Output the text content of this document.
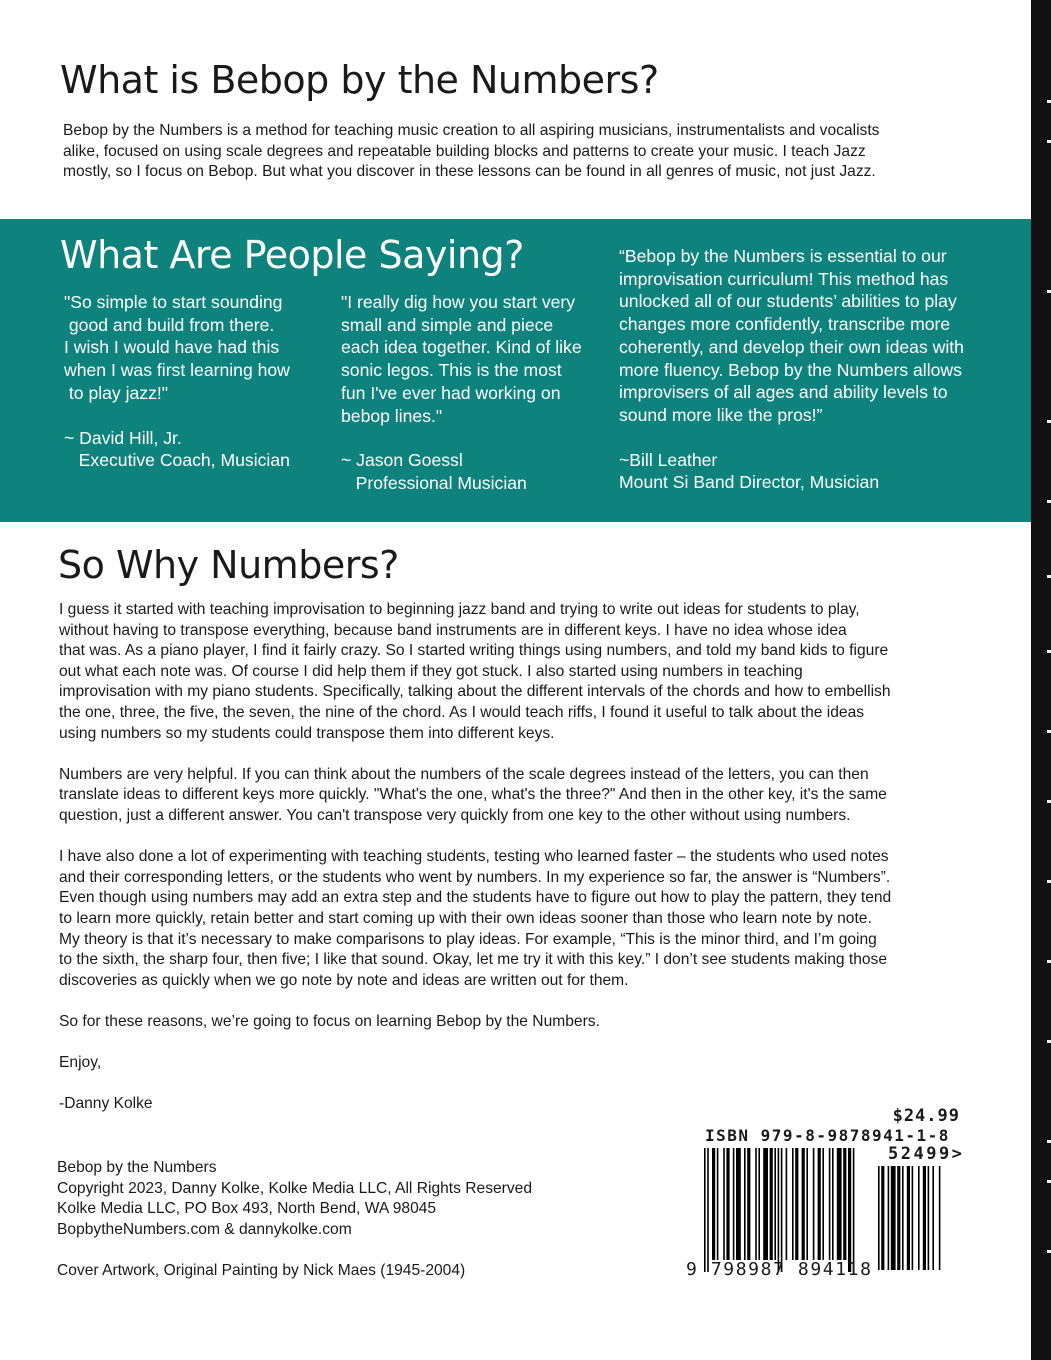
What is Bebop by the Numbers?
Bebop by the Numbers is a method for teaching music creation to all aspiring musicians, instrumentalists and vocalists
alike, focused on using scale degrees and repeatable building blocks and patterns to create your music. I teach Jazz
mostly, so I focus on Bebop. But what you discover in these lessons can be found in all genres of music, not just Jazz.
What Are People Saying?

"So simple to start sounding
good and build from there.
I wish I would have had this
when I was first learning how
to play jazz!"

~ David Hill, Jr.
Executive Coach, Musician

"I really dig how you start very
small and simple and piece
each idea together. Kind of like
sonic legos. This is the most
fun I've ever had working on
bebop lines."

~ Jason Goessl
Professional Musician

“Bebop by the Numbers is essential to our
improvisation curriculum! This method has
unlocked all of our students’ abilities to play
changes more confidently, transcribe more
coherently, and develop their own ideas with
more fluency. Bebop by the Numbers allows
improvisers of all ages and ability levels to
sound more like the pros!”

~Bill Leather
Mount Si Band Director, Musician

So Why Numbers?

I guess it started with teaching improvisation to beginning jazz band and trying to write out ideas for students to play,
without having to transpose everything, because band instruments are in different keys. I have no idea whose idea
that was. As a piano player, I find it fairly crazy. So I started writing things using numbers, and told my band kids to figure
out what each note was. Of course I did help them if they got stuck. I also started using numbers in teaching
improvisation with my piano students. Specifically, talking about the different intervals of the chords and how to embellish
the one, three, the five, the seven, the nine of the chord. As I would teach riffs, I found it useful to talk about the ideas
using numbers so my students could transpose them into different keys.

Numbers are very helpful. If you can think about the numbers of the scale degrees instead of the letters, you can then
translate ideas to different keys more quickly. "What's the one, what's the three?" And then in the other key, it's the same
question, just a different answer. You can't transpose very quickly from one key to the other without using numbers.

I have also done a lot of experimenting with teaching students, testing who learned faster – the students who used notes
and their corresponding letters, or the students who went by numbers. In my experience so far, the answer is “Numbers”.
Even though using numbers may add an extra step and the students have to figure out how to play the pattern, they tend
to learn more quickly, retain better and start coming up with their own ideas sooner than those who learn note by note.
My theory is that it’s necessary to make comparisons to play ideas. For example, “This is the minor third, and I’m going
to the sixth, the sharp four, then five; I like that sound. Okay, let me try it with this key.” I don’t see students making those
discoveries as quickly when we go note by note and ideas are written out for them.

So for these reasons, we’re going to focus on learning Bebop by the Numbers.

Enjoy,

-Danny Kolke

Bebop by the Numbers
Copyright 2023, Danny Kolke, Kolke Media LLC, All Rights Reserved
Kolke Media LLC, PO Box 493, North Bend, WA 98045
BopbytheNumbers.com & dannykolke.com
Cover Artwork, Original Painting by Nick Maes (1945-2004)
$24.99
ISBN 979-8-9878941-1-8
52499>
9 798987 894118
